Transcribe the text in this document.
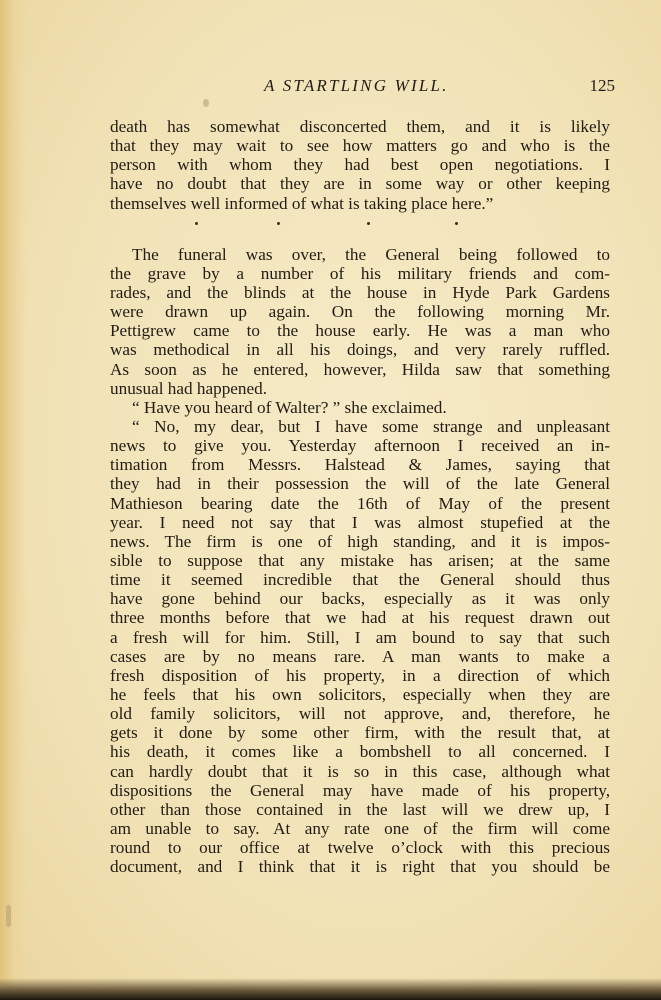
A STARTLING WILL.	125
death has somewhat disconcerted them, and it is likely
that they may wait to see how matters go and who is the
person with whom they had best open negotiations. I
have no doubt that they are in some way or other keeping
themselves well informed of what is taking place here.”
The funeral was over, the General being followed to
the grave by a number of his military friends and com-
rades, and the blinds at the house in Hyde Park Gardens
were drawn up again. On the following morning Mr.
Pettigrew came to the house early. He was a man who
was methodical in all his doings, and very rarely ruffled.
As soon as he entered, however, Hilda saw that something
unusual had happened.
“ Have you heard of Walter? ” she exclaimed.
“ No, my dear, but I have some strange and unpleasant
news to give you. Yesterday afternoon I received an in-
timation from Messrs. Halstead & James, saying that
they had in their possession the will of the late General
Mathieson bearing date the 16th of May of the present
year. I need not say that I was almost stupefied at the
news. The firm is one of high standing, and it is impos-
sible to suppose that any mistake has arisen; at the same
time it seemed incredible that the General should thus
have gone behind our backs, especially as it was only
three months before that we had at his request drawn out
a fresh will for him. Still, I am bound to say that such
cases are by no means rare. A man wants to make a
fresh disposition of his property, in a direction of which
he feels that his own solicitors, especially when they are
old family solicitors, will not approve, and, therefore, he
gets it done by some other firm, with the result that, at
his death, it comes like a bombshell to all concerned. I
can hardly doubt that it is so in this case, although what
dispositions the General may have made of his property,
other than those contained in the last will we drew up, I
am unable to say. At any rate one of the firm will come
round to our office at twelve o’clock with this precious
document, and I think that it is right that you should be
